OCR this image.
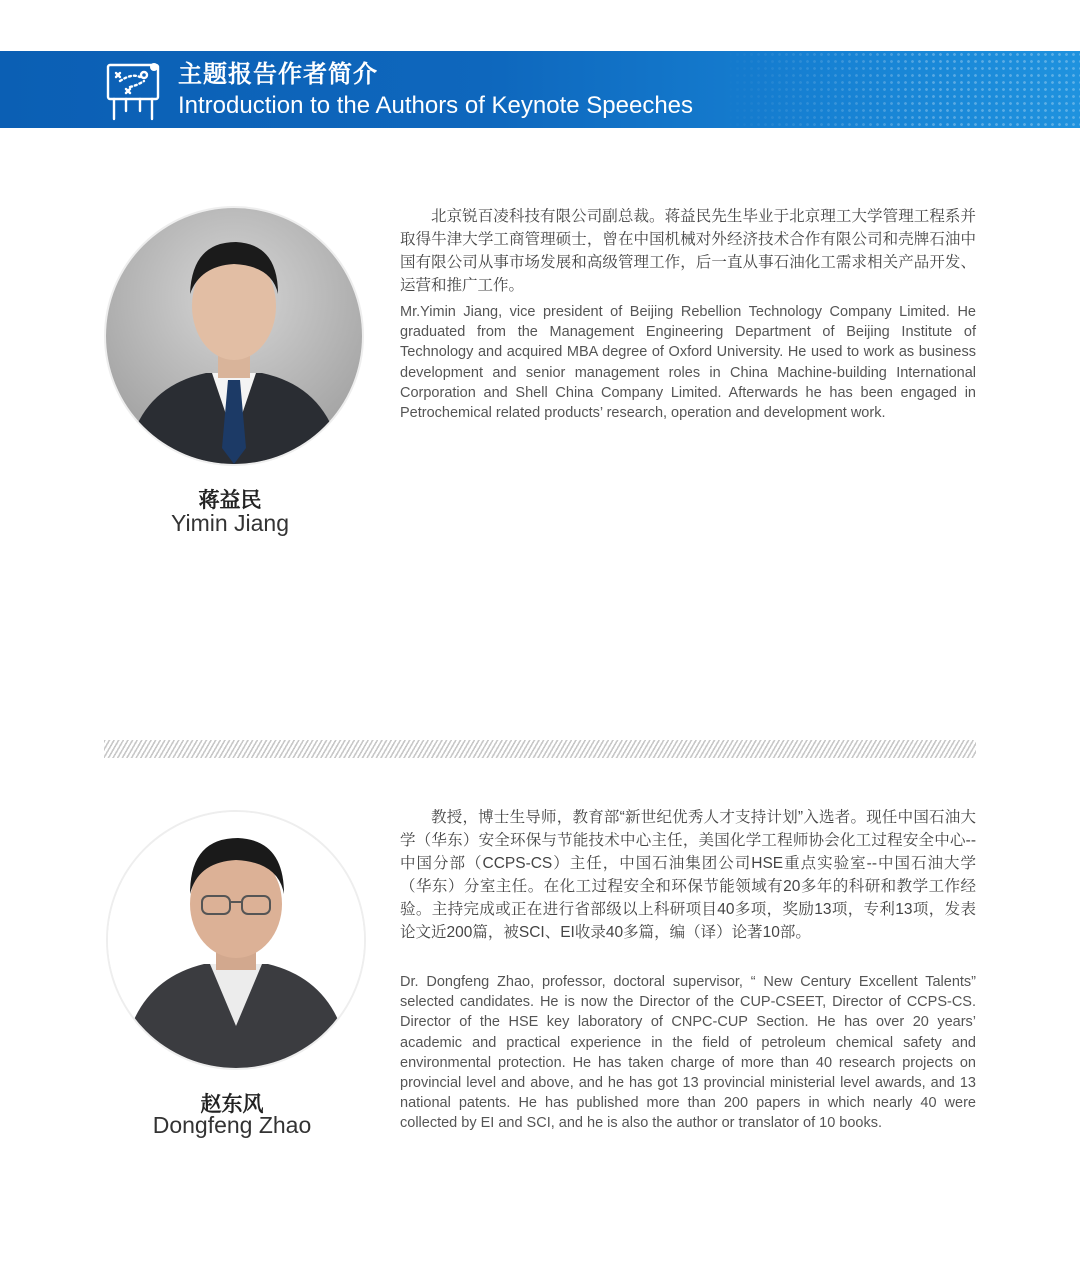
主题报告作者简介
Introduction to the Authors of Keynote Speeches
蒋益民
Yimin Jiang
北京锐百凌科技有限公司副总裁。蒋益民先生毕业于北京理工大学管理工程系并取得牛津大学工商管理硕士，曾在中国机械对外经济技术合作有限公司和壳牌石油中国有限公司从事市场发展和高级管理工作，后一直从事石油化工需求相关产品开发、运营和推广工作。
Mr.Yimin Jiang, vice president of Beijing Rebellion Technology Company Limited. He graduated from the Management Engineering Department of Beijing Institute of Technology and acquired MBA degree of Oxford University. He used to work as business development and senior management roles in China Machine-building International Corporation and Shell China Company Limited. Afterwards he has been engaged in Petrochemical related products’ research, operation and development work.
赵东风
Dongfeng Zhao
教授，博士生导师，教育部“新世纪优秀人才支持计划”入选者。现任中国石油大学（华东）安全环保与节能技术中心主任，美国化学工程师协会化工过程安全中心--中国分部（CCPS-CS）主任，中国石油集团公司HSE重点实验室--中国石油大学（华东）分室主任。在化工过程安全和环保节能领域有20多年的科研和教学工作经验。主持完成或正在进行省部级以上科研项目40多项，奖励13项，专利13项，发表论文近200篇，被SCI、EI收录40多篇，编（译）论著10部。
Dr. Dongfeng Zhao, professor, doctoral supervisor, “ New Century Excellent Talents” selected candidates. He is now the Director of the CUP-CSEET, Director of CCPS-CS. Director of the HSE key laboratory of CNPC-CUP Section. He has over 20 years’ academic and practical experience in the field of petroleum chemical safety and environmental protection. He has taken charge of more than 40 research projects on provincial level and above, and he has got 13 provincial ministerial level awards, and 13 national patents. He has published more than 200 papers in which nearly 40 were collected by EI and SCI, and he is also the author or translator of 10 books.
